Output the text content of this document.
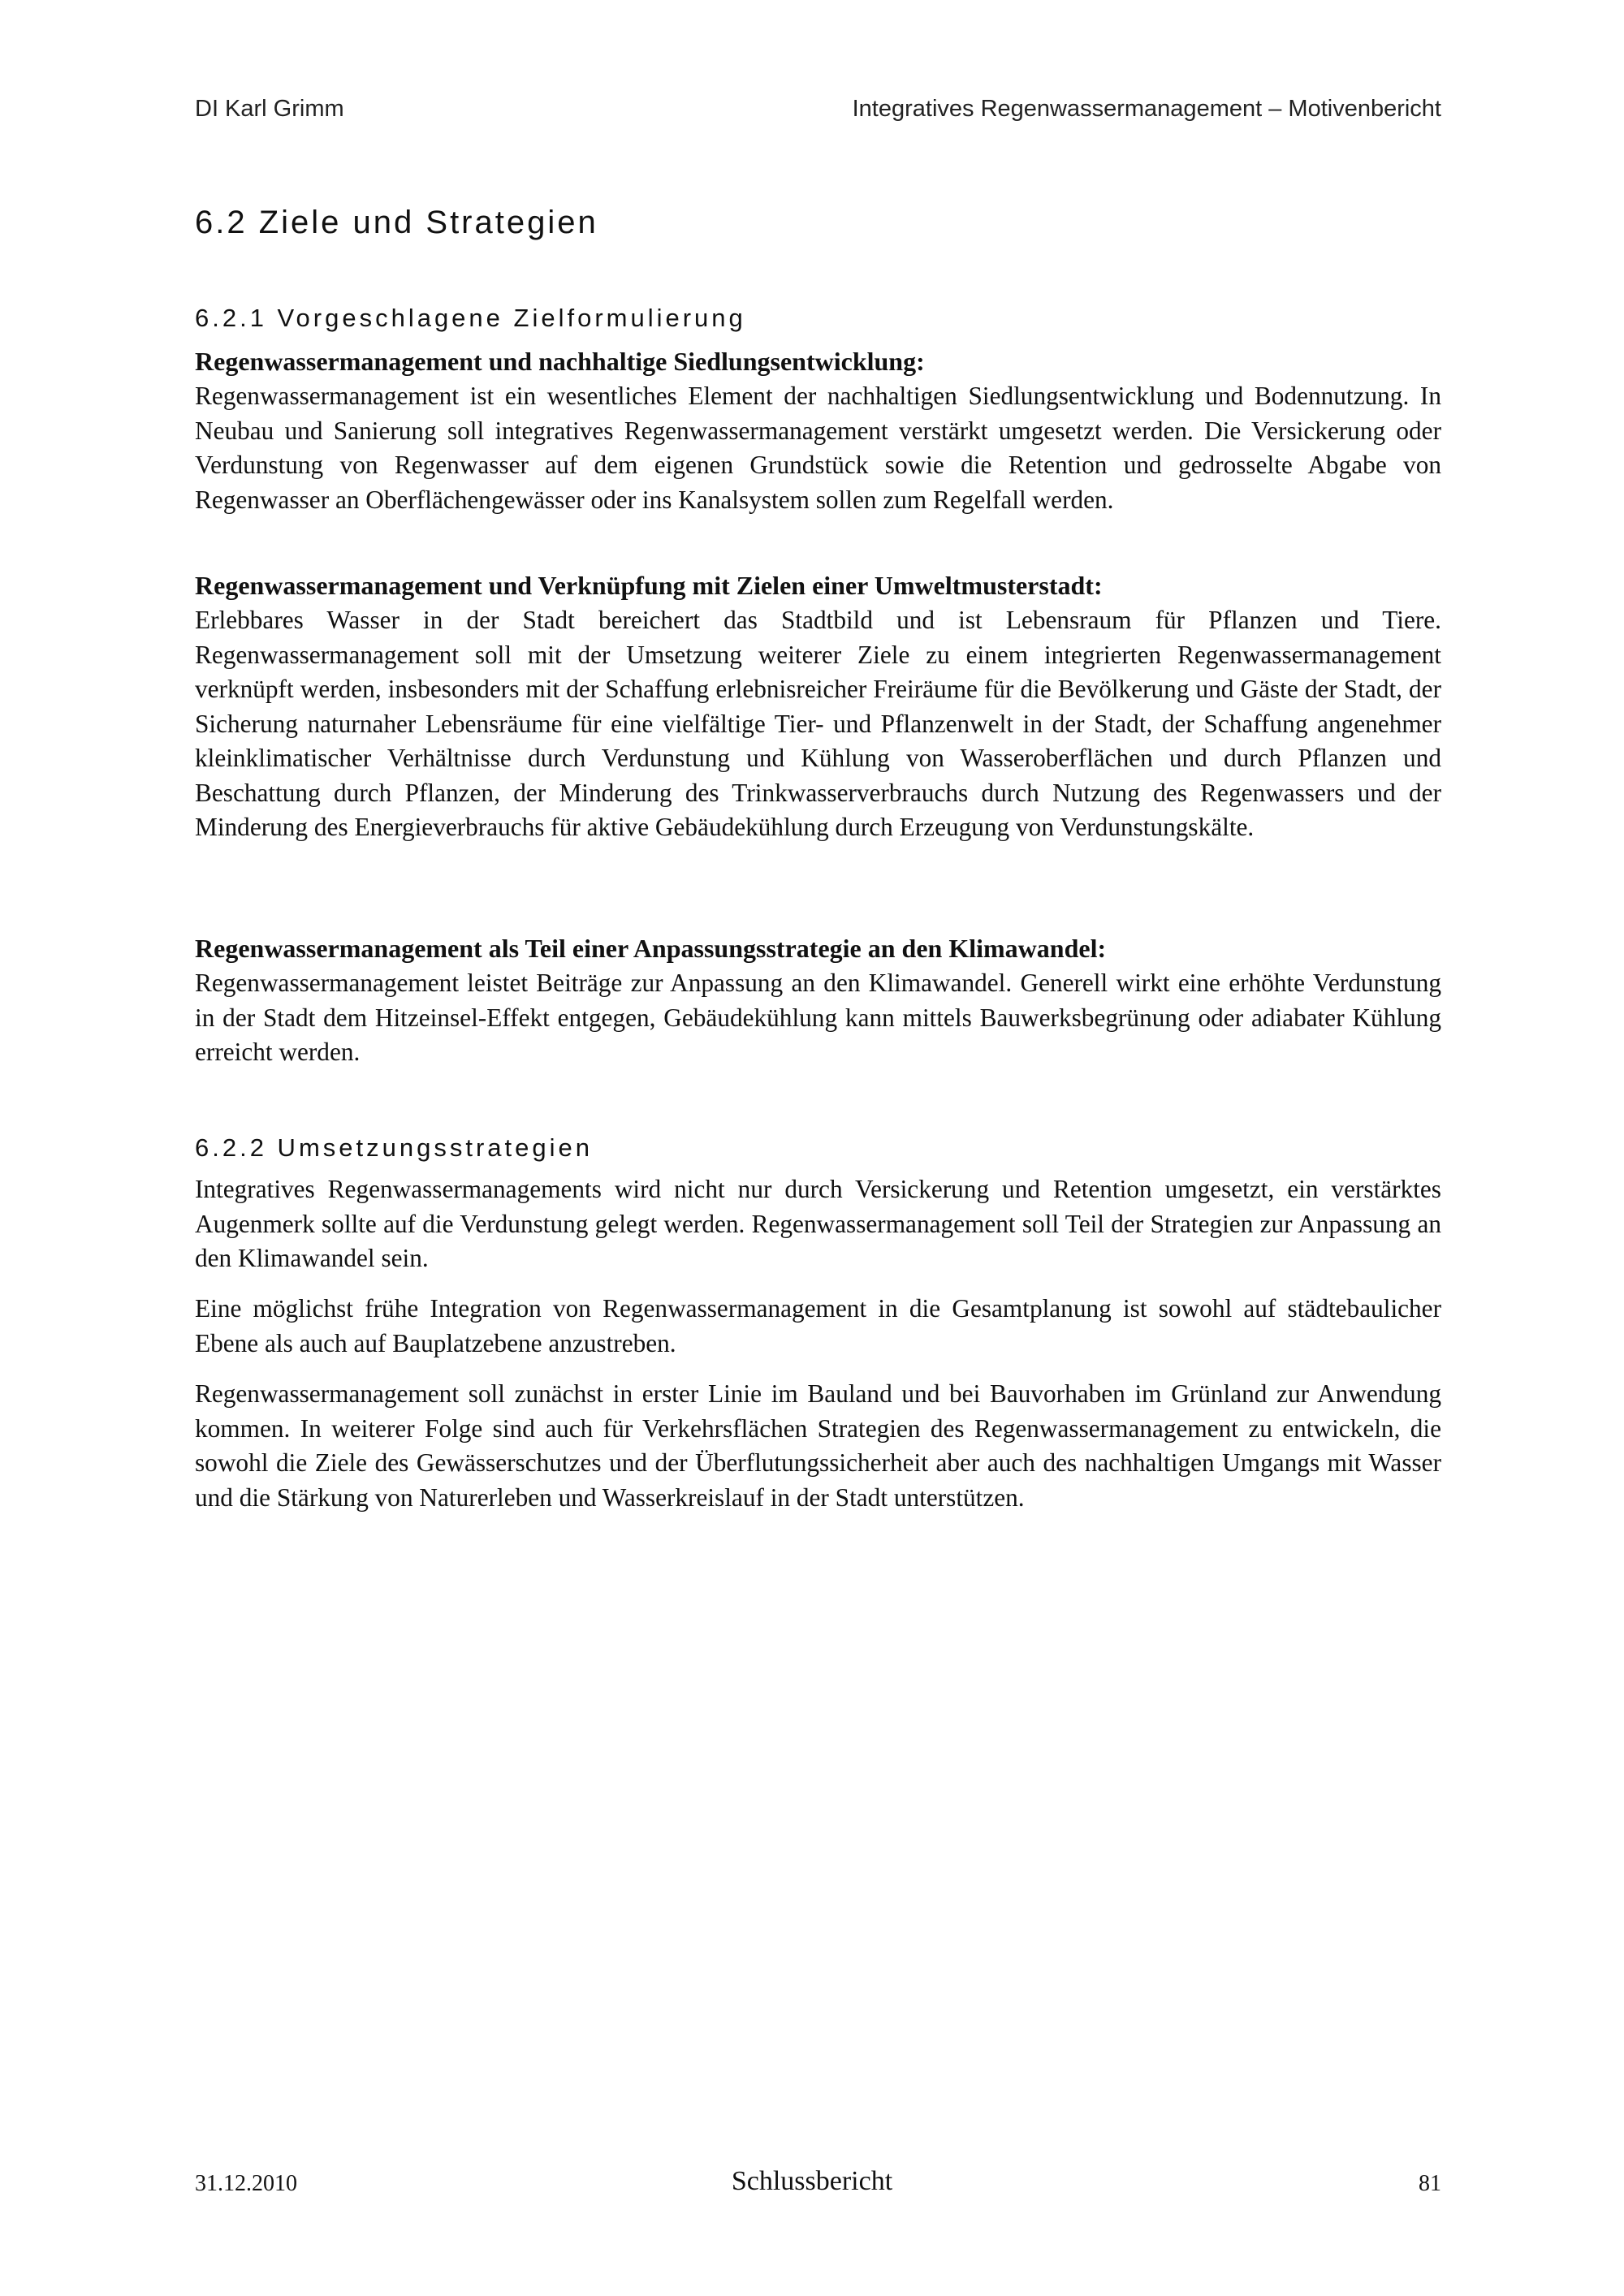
DI Karl Grimm	Integratives Regenwassermanagement – Motivenbericht
6.2 Ziele und Strategien
6.2.1 Vorgeschlagene Zielformulierung

Regenwassermanagement und nachhaltige Siedlungsentwicklung:

Regenwassermanagement ist ein wesentliches Element der nachhaltigen Siedlungsentwicklung und Bodennutzung. In Neubau und Sanierung soll integratives Regenwassermanagement verstärkt umgesetzt werden. Die Versickerung oder Verdunstung von Regenwasser auf dem eigenen Grundstück sowie die Retention und gedrosselte Abgabe von Regenwasser an Oberflächengewässer oder ins Kanalsystem sollen zum Regelfall werden.

Regenwassermanagement und Verknüpfung mit Zielen einer Umweltmusterstadt:

Erlebbares Wasser in der Stadt bereichert das Stadtbild und ist Lebensraum für Pflanzen und Tiere. Regenwassermanagement soll mit der Umsetzung weiterer Ziele zu einem integrierten Regenwassermanagement verknüpft werden, insbesonders mit der Schaffung erlebnisreicher Freiräume für die Bevölkerung und Gäste der Stadt, der Sicherung naturnaher Lebensräume für eine vielfältige Tier- und Pflanzenwelt in der Stadt, der Schaffung angenehmer kleinklimatischer Verhältnisse durch Verdunstung und Kühlung von Wasseroberflächen und durch Pflanzen und Beschattung durch Pflanzen, der Minderung des Trinkwasserverbrauchs durch Nutzung des Regenwassers und der Minderung des Energieverbrauchs für aktive Gebäudekühlung durch Erzeugung von Verdunstungskälte.

Regenwassermanagement als Teil einer Anpassungsstrategie an den Klimawandel:

Regenwassermanagement leistet Beiträge zur Anpassung an den Klimawandel. Generell wirkt eine erhöhte Verdunstung in der Stadt dem Hitzeinsel-Effekt entgegen, Gebäudekühlung kann mittels Bauwerksbegrünung oder adiabater Kühlung erreicht werden.

6.2.2 Umsetzungsstrategien

Integratives Regenwassermanagements wird nicht nur durch Versickerung und Retention umgesetzt, ein verstärktes Augenmerk sollte auf die Verdunstung gelegt werden. Regenwassermanagement soll Teil der Strategien zur Anpassung an den Klimawandel sein.

Eine möglichst frühe Integration von Regenwassermanagement in die Gesamtplanung ist sowohl auf städtebaulicher Ebene als auch auf Bauplatzebene anzustreben.

Regenwassermanagement soll zunächst in erster Linie im Bauland und bei Bauvorhaben im Grünland zur Anwendung kommen. In weiterer Folge sind auch für Verkehrsflächen Strategien des Regenwassermanagement zu entwickeln, die sowohl die Ziele des Gewässerschutzes und der Überflutungssicherheit aber auch des nachhaltigen Umgangs mit Wasser und die Stärkung von Naturerleben und Wasserkreislauf in der Stadt unterstützen.

31.12.2010	Schlussbericht	81
